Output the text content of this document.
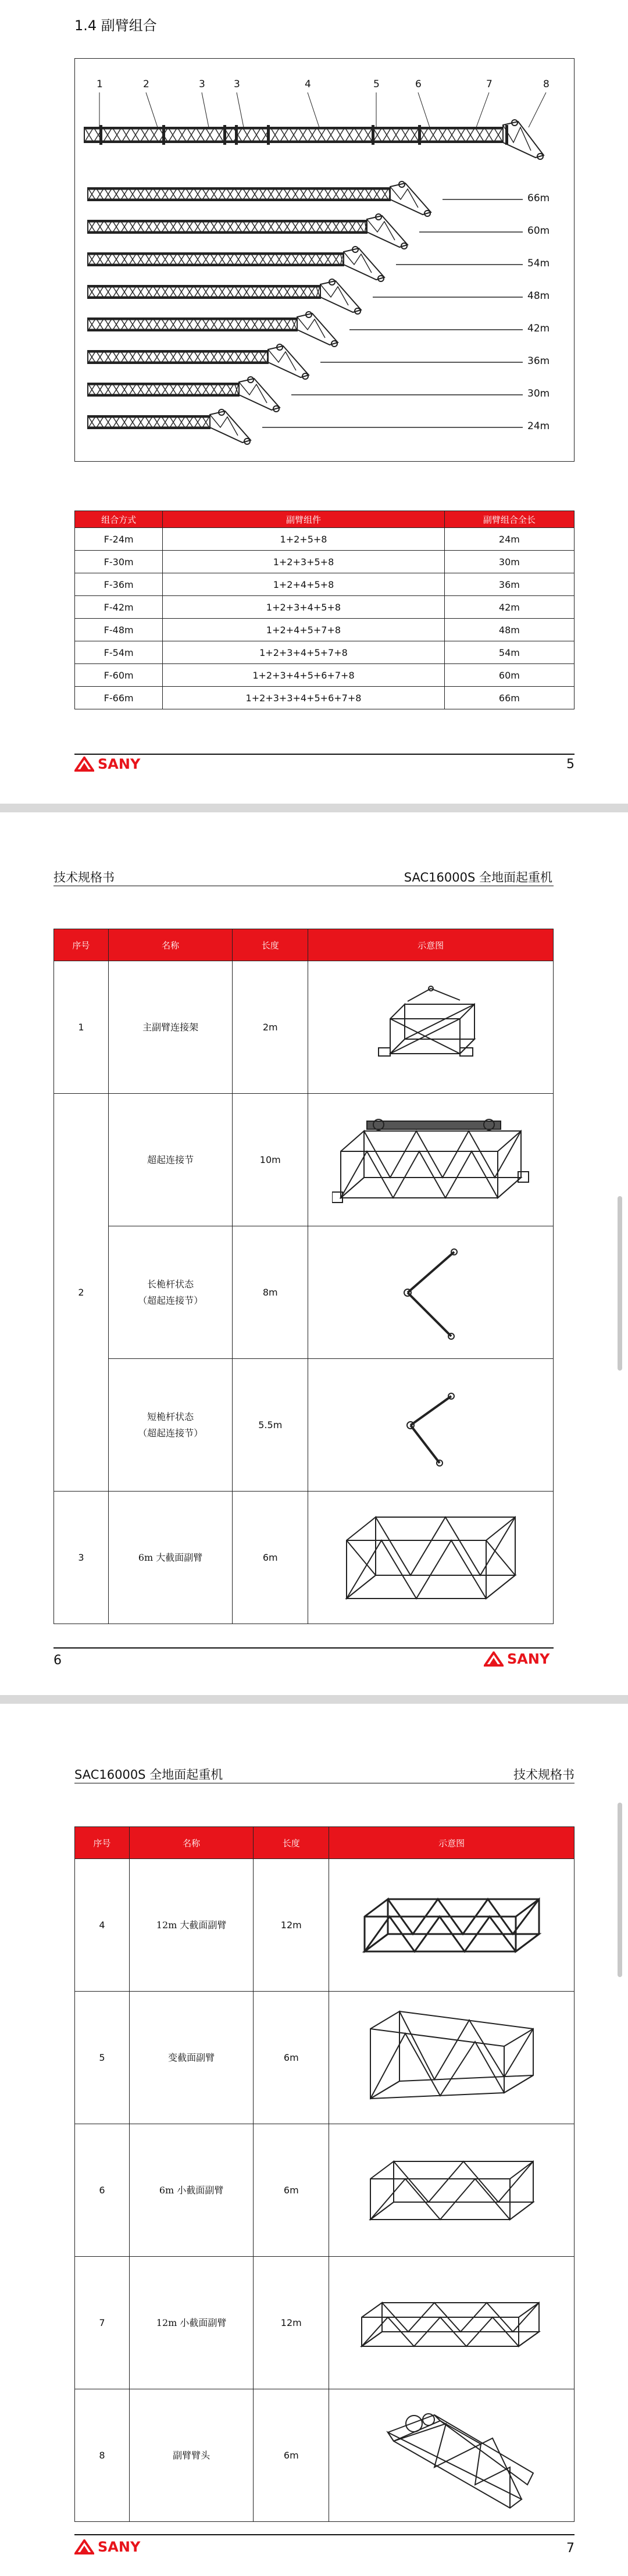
1.4 副臂组合
1	2	3	3	4	5	6	7	8
66m
60m
54m
48m
42m
36m
30m
24m
组合方式	副臂组件	副臂组合全长
F-24m	1+2+5+8	24m
F-30m	1+2+3+5+8	30m
F-36m	1+2+4+5+8	36m
F-42m	1+2+3+4+5+8	42m
F-48m	1+2+4+5+7+8	48m
F-54m	1+2+3+4+5+7+8	54m
F-60m	1+2+3+4+5+6+7+8	60m
F-66m	1+2+3+3+4+5+6+7+8	66m
SANY	5
技术规格书	SAC16000S 全地面起重机
序号	名称	长度	示意图
1	主副臂连接架	2m	

2	超起连接节	10m	

	长桅杆状态
（超起连接节）	8m	

	短桅杆状态
（超起连接节）	5.5m	

3	6m 大截面副臂	6m	
6	SANY
SAC16000S 全地面起重机	技术规格书
序号	名称	长度	示意图
4	12m 大截面副臂	12m	

5	变截面副臂	6m	

6	6m 小截面副臂	6m	

7	12m 小截面副臂	12m	

8	副臂臂头	6m	
SANY	7
